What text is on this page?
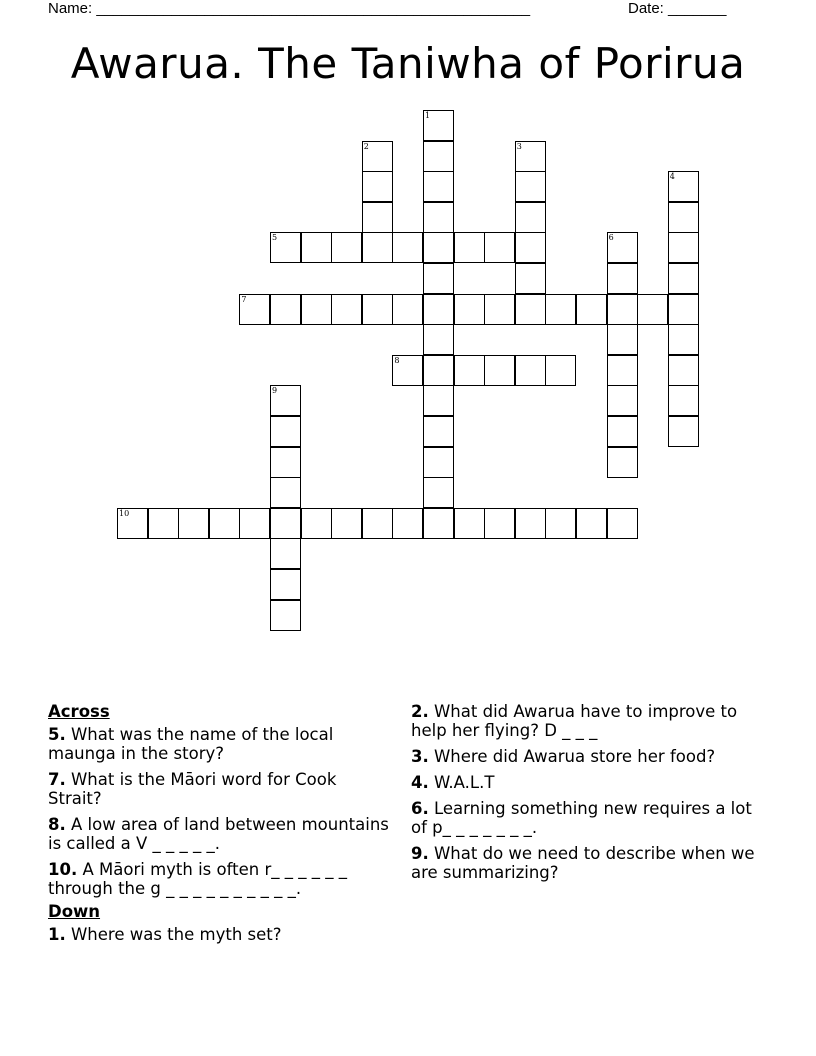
Name: ____________________________________________________	Date: _______
Awarua. The Taniwha of Porirua
1
2	3
4
5	6
7
8
9
10
Across
5. What was the name of the local maunga in the story?
7. What is the Māori word for Cook Strait?
8. A low area of land between mountains is called a V _ _ _ _ _.
10. A Māori myth is often r_ _ _ _ _ _ through the g _ _ _ _ _ _ _ _ _ _.
Down
1. Where was the myth set?
2. What did Awarua have to improve to help her flying? D _ _ _
3. Where did Awarua store her food?
4. W.A.L.T
6. Learning something new requires a lot of p_ _ _ _ _ _ _.
9. What do we need to describe when we are summarizing?
